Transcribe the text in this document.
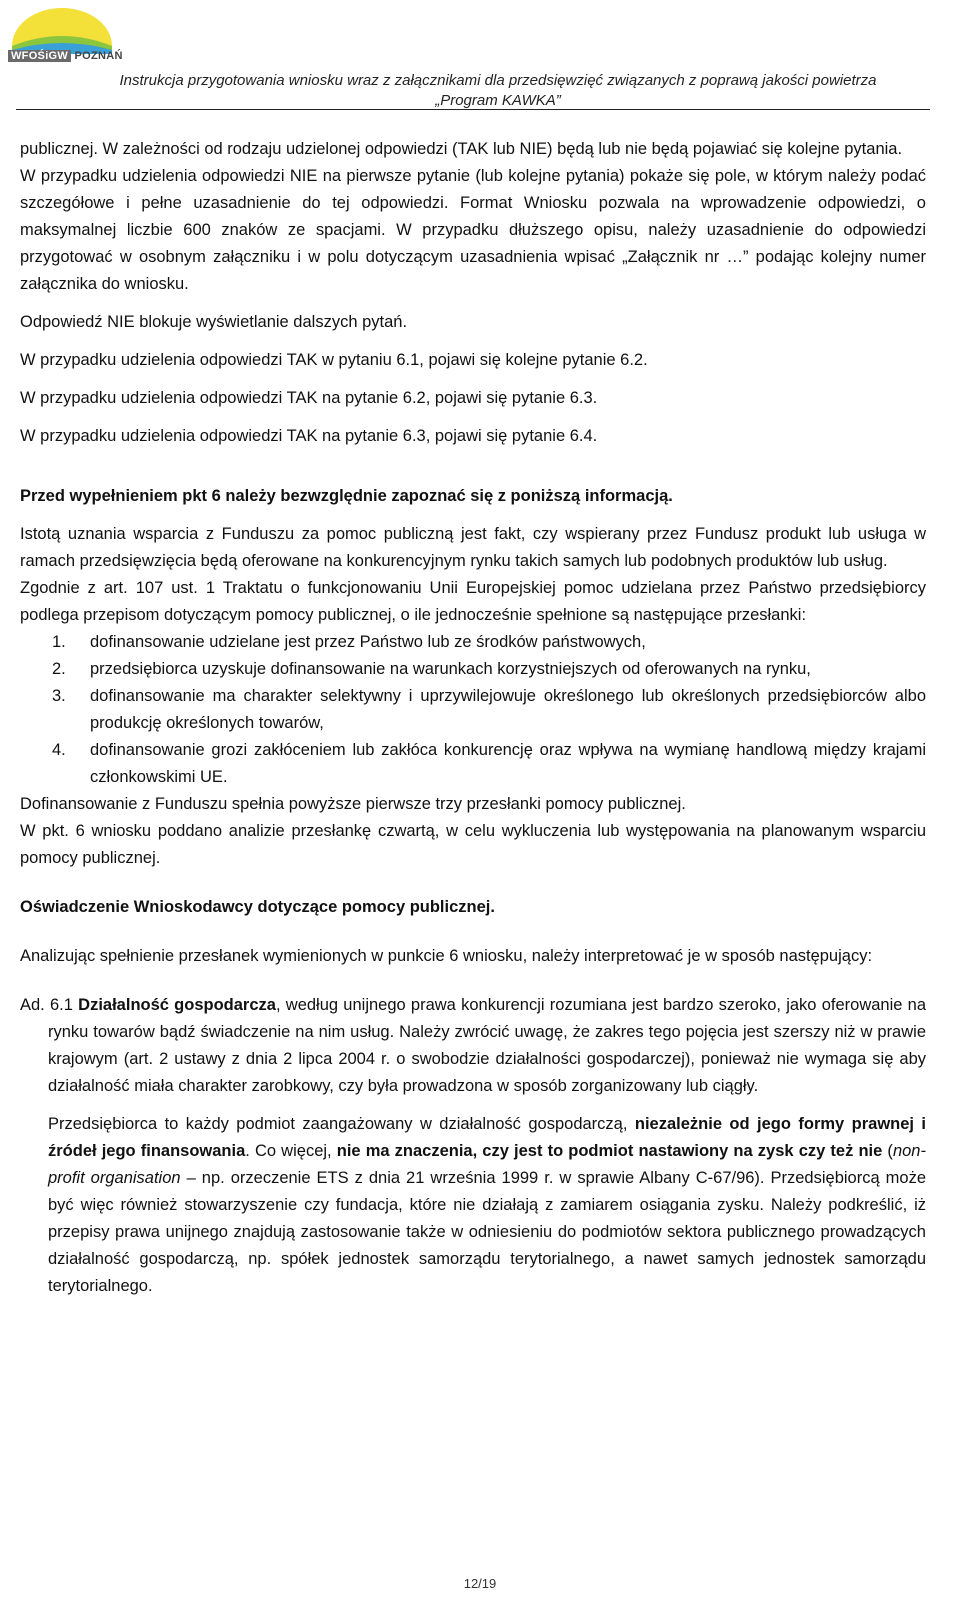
WFOŚiGW POZNAŃ
Instrukcja przygotowania wniosku wraz z załącznikami dla przedsięwzięć związanych z poprawą jakości powietrza
„Program KAWKA”

publicznej. W zależności od rodzaju udzielonej odpowiedzi (TAK lub NIE) będą lub nie będą pojawiać się kolejne pytania.

W przypadku udzielenia odpowiedzi NIE na pierwsze pytanie (lub kolejne pytania) pokaże się pole, w którym należy podać szczegółowe i pełne uzasadnienie do tej odpowiedzi. Format Wniosku pozwala na wprowadzenie odpowiedzi, o maksymalnej liczbie 600 znaków ze spacjami. W przypadku dłuższego opisu, należy uzasadnienie do odpowiedzi przygotować w osobnym załączniku i w polu dotyczącym uzasadnienia wpisać „Załącznik nr …” podając kolejny numer załącznika do wniosku.

Odpowiedź NIE blokuje wyświetlanie dalszych pytań.

W przypadku udzielenia odpowiedzi TAK w pytaniu 6.1, pojawi się kolejne pytanie 6.2.

W przypadku udzielenia odpowiedzi TAK na pytanie 6.2, pojawi się pytanie 6.3.

W przypadku udzielenia odpowiedzi TAK na pytanie 6.3, pojawi się pytanie 6.4.

Przed wypełnieniem pkt 6 należy bezwzględnie zapoznać się z poniższą informacją.

Istotą uznania wsparcia z Funduszu za pomoc publiczną jest fakt, czy wspierany przez Fundusz produkt lub usługa w ramach przedsięwzięcia będą oferowane na konkurencyjnym rynku takich samych lub podobnych produktów lub usług.

Zgodnie z art. 107 ust. 1 Traktatu o funkcjonowaniu Unii Europejskiej pomoc udzielana przez Państwo przedsiębiorcy podlega przepisom dotyczącym pomocy publicznej, o ile jednocześnie spełnione są następujące przesłanki:

1. dofinansowanie udzielane jest przez Państwo lub ze środków państwowych,
2. przedsiębiorca uzyskuje dofinansowanie na warunkach korzystniejszych od oferowanych na rynku,
3. dofinansowanie ma charakter selektywny i uprzywilejowuje określonego lub określonych przedsiębiorców albo produkcję określonych towarów,
4. dofinansowanie grozi zakłóceniem lub zakłóca konkurencję oraz wpływa na wymianę handlową między krajami członkowskimi UE.

Dofinansowanie z Funduszu spełnia powyższe pierwsze trzy przesłanki pomocy publicznej.

W pkt. 6 wniosku poddano analizie przesłankę czwartą, w celu wykluczenia lub występowania na planowanym wsparciu pomocy publicznej.

Oświadczenie Wnioskodawcy dotyczące pomocy publicznej.

Analizując spełnienie przesłanek wymienionych w punkcie 6 wniosku, należy interpretować je w sposób następujący:

Ad. 6.1 Działalność gospodarcza, według unijnego prawa konkurencji rozumiana jest bardzo szeroko, jako oferowanie na rynku towarów bądź świadczenie na nim usług. Należy zwrócić uwagę, że zakres tego pojęcia jest szerszy niż w prawie krajowym (art. 2 ustawy z dnia 2 lipca 2004 r. o swobodzie działalności gospodarczej), ponieważ nie wymaga się aby działalność miała charakter zarobkowy, czy była prowadzona w sposób zorganizowany lub ciągły.

Przedsiębiorca to każdy podmiot zaangażowany w działalność gospodarczą, niezależnie od jego formy prawnej i źródeł jego finansowania. Co więcej, nie ma znaczenia, czy jest to podmiot nastawiony na zysk czy też nie (non-profit organisation – np. orzeczenie ETS z dnia 21 września 1999 r. w sprawie Albany C-67/96). Przedsiębiorcą może być więc również stowarzyszenie czy fundacja, które nie działają z zamiarem osiągania zysku. Należy podkreślić, iż przepisy prawa unijnego znajdują zastosowanie także w odniesieniu do podmiotów sektora publicznego prowadzących działalność gospodarczą, np. spółek jednostek samorządu terytorialnego, a nawet samych jednostek samorządu terytorialnego.

12/19
